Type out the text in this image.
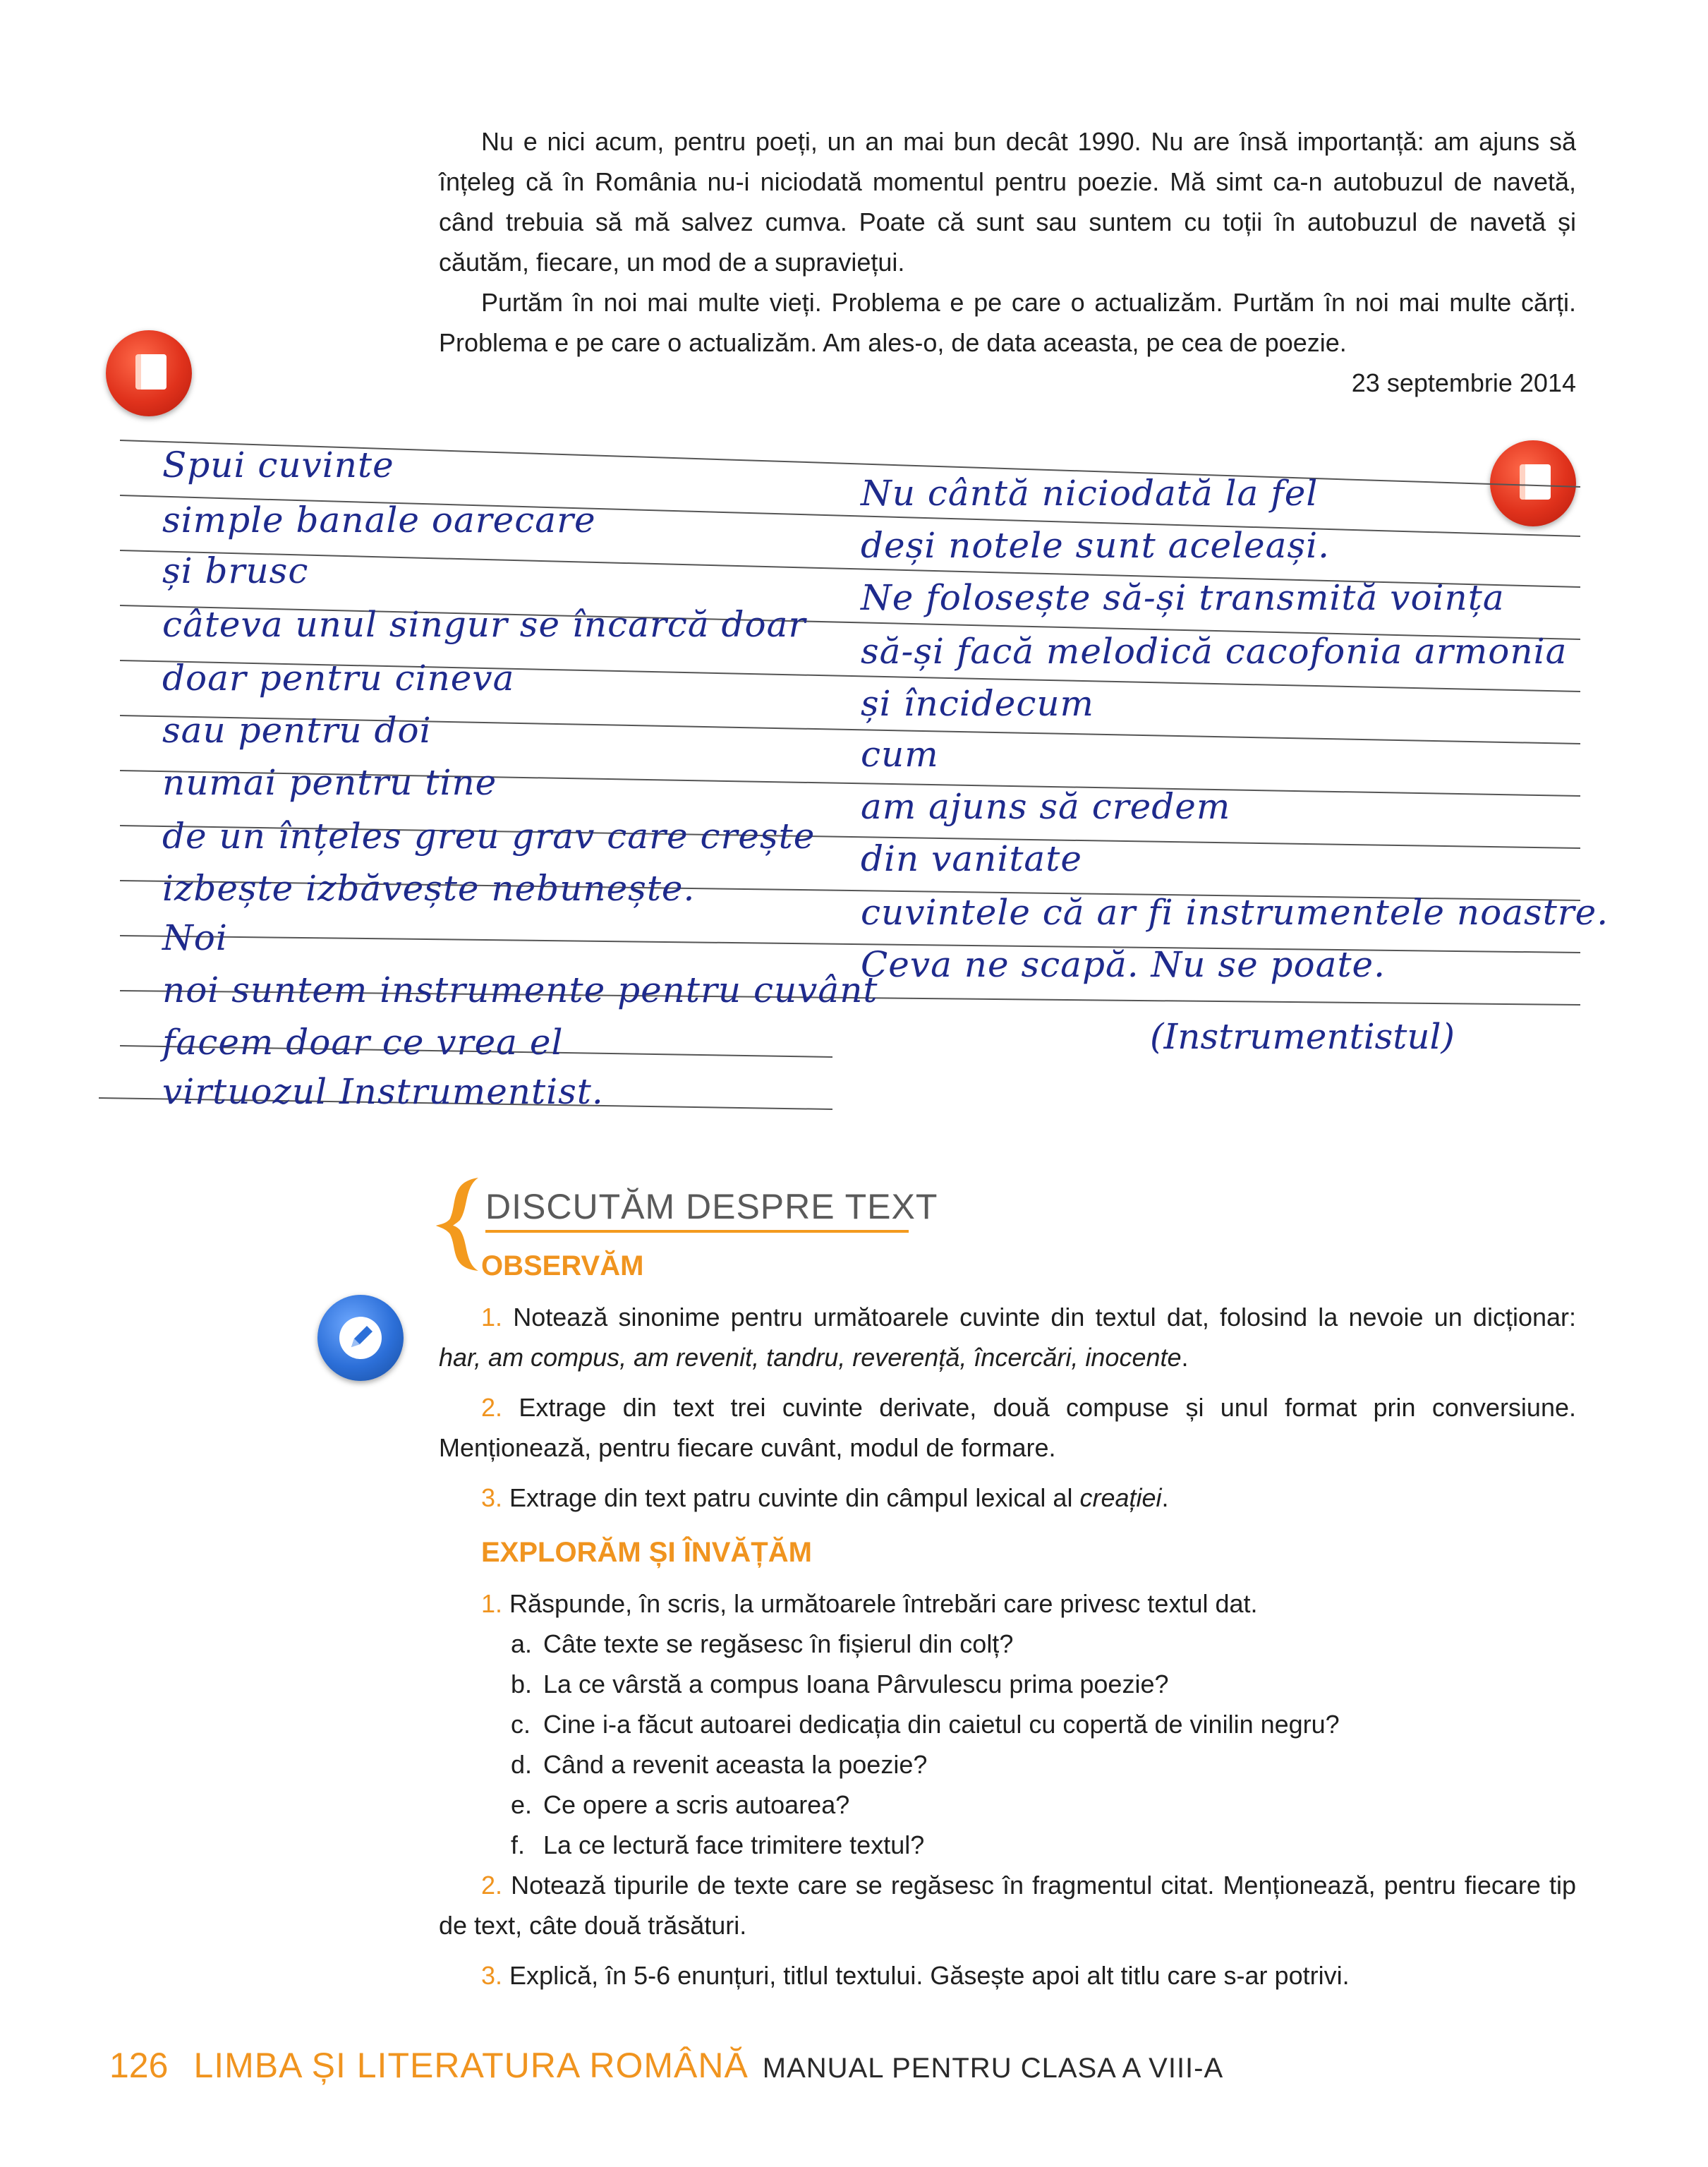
Nu e nici acum, pentru poeți, un an mai bun decât 1990. Nu are însă importanță: am ajuns să înțeleg că în România nu-i niciodată momentul pentru poezie. Mă simt ca-n autobuzul de navetă, când trebuia să mă salvez cumva. Poate că sunt sau suntem cu toții în autobuzul de navetă și căutăm, fiecare, un mod de a supraviețui.

Purtăm în noi mai multe vieți. Problema e pe care o actualizăm. Purtăm în noi mai multe cărți. Problema e pe care o actualizăm. Am ales-o, de data aceasta, pe cea de poezie.

23 septembrie 2014
Spui cuvinte
simple banale oarecare
și brusc
câteva unul singur se încarcă doar
doar pentru cineva
sau pentru doi
numai pentru tine
de un înțeles greu grav care crește
izbește izbăvește nebunește.
Noi
noi suntem instrumente pentru cuvânt
facem doar ce vrea el
virtuozul Instrumentist.
Nu cântă niciodată la fel
deși notele sunt aceleași.
Ne folosește să-și transmită voința
să-și facă melodică cacofonia armonia
și încidecum
cum
am ajuns să credem
din vanitate
cuvintele că ar fi instrumentele noastre.
Ceva ne scapă. Nu se poate.
(Instrumentistul)
DISCUTĂM DESPRE TEXT
OBSERVĂM

1. Notează sinonime pentru următoarele cuvinte din textul dat, folosind la nevoie un dicționar: har, am compus, am revenit, tandru, reverență, încercări, inocente.

2. Extrage din text trei cuvinte derivate, două compuse și unul format prin conversiune. Menționează, pentru fiecare cuvânt, modul de formare.

3. Extrage din text patru cuvinte din câmpul lexical al creației.

EXPLORĂM ȘI ÎNVĂȚĂM

1. Răspunde, în scris, la următoarele întrebări care privesc textul dat.

a. Câte texte se regăsesc în fișierul din colț?
b. La ce vârstă a compus Ioana Pârvulescu prima poezie?
c. Cine i-a făcut autoarei dedicația din caietul cu copertă de vinilin negru?
d. Când a revenit aceasta la poezie?
e. Ce opere a scris autoarea?
f. La ce lectură face trimitere textul?

2. Notează tipurile de texte care se regăsesc în fragmentul citat. Menționează, pentru fiecare tip de text, câte două trăsături.

3. Explică, în 5-6 enunțuri, titlul textului. Găsește apoi alt titlu care s-ar potrivi.

126 LIMBA ȘI LITERATURA ROMÂNĂ MANUAL PENTRU CLASA A VIII-A
